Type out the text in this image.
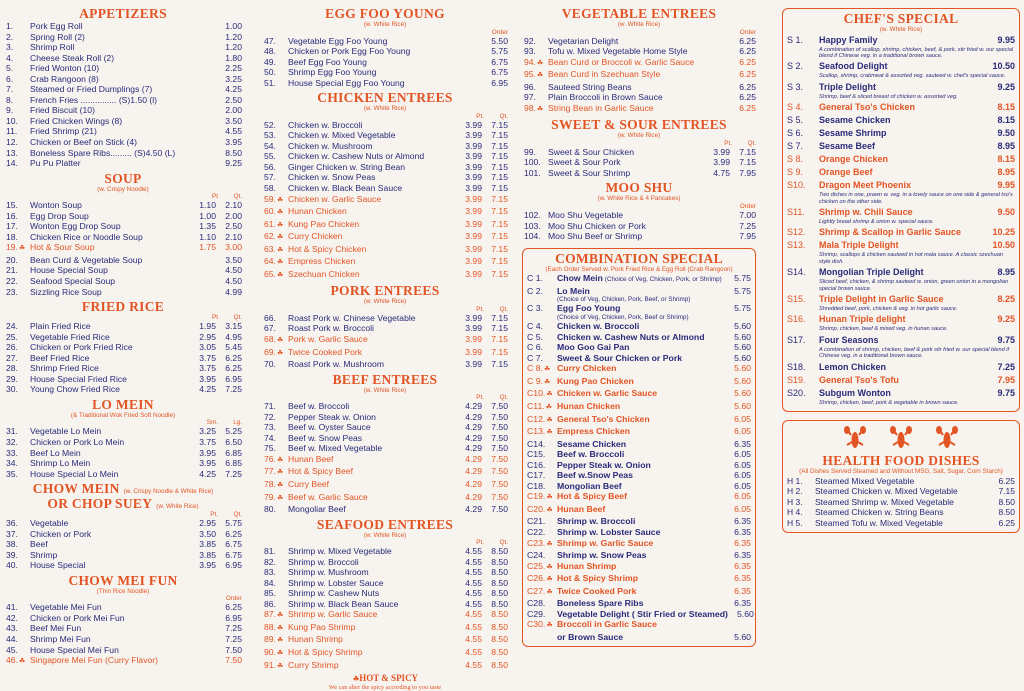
APPETIZERS
1.	Pork Egg Roll	1.00
2.	Spring Roll (2)	1.20
3.	Shrimp Roll	1.20
4.	Cheese Steak Roll (2)	1.80
5.	Fried Wonton (10)	2.25
6.	Crab Rangoon (8)	3.25
7.	Steamed or Fried Dumplings (7)	4.25
8.	French Fries ............... (S)1.50 (l)	2.50
9.	Fried Biscuit (10)	2.00
10.	Fried Chicken Wings (8)	3.50
11.	Fried Shrimp (21)	4.55
12.	Chicken or Beef on Stick (4)	3.95
13.	Boneless Spare Ribs......... (S)4.50 (L)	8.50
14.	Pu Pu Platter	9.25
SOUP
(w. Crispy Noodle)
Pt	Qt.
15.	Wonton Soup	1.10	2.10
16.	Egg Drop Soup	1.00	2.00
17.	Wonton Egg Drop Soup	1.35	2.50
18.	Chicken Rice or Noodle Soup	1.10	2.10
19.☘ Hot & Sour Soup	1.75	3.00
20.	Bean Curd & Vegetable Soup	3.50
21.	House Special Soup	4.50
22.	Seafood Special Soup	4.50
23.	Sizzling Rice Soup	4.99
FRIED RICE
Pt	Qt.
24.	Plain Fried Rice	1.95	3.15
25.	Vegetable Fried Rice	2.95	4.95
26.	Chicken or Pork Fried Rice	3.05	5.45
27.	Beef Fried Rice	3.75	6.25
28.	Shrimp Fried Rice	3.75	6.25
29.	House Special Fried Rice	3.95	6.95
30.	Young Chow Fried Rice	4.25	7.25
LO MEIN
(& Traditional Wok Fried Soft Noodle)
Sm.	Lg.
31.	Vegetable Lo Mein	3.25	5.25
32.	Chicken or Pork Lo Mein	3.75	6.50
33.	Beef Lo Mein	3.95	6.85
34.	Shrimp Lo Mein	3.95	6.85
35.	House Special Lo Mein	4.25	7.25
CHOW MEIN (w. Crispy Noodle & White Rice)
OR CHOP SUEY (w. White Rice)
Pt.	Qt.
36.	Vegetable	2.95	5.75
37.	Chicken or Pork	3.50	6.25
38.	Beef	3.85	6.75
39.	Shrimp	3.85	6.75
40.	House Special	3.95	6.95
CHOW MEI FUN
(Thin Rice Noodle)
Order
41.	Vegetable Mei Fun	6.25
42.	Chicken or Pork Mei Fun	6.95
43.	Beef Mei Fun	7.25
44.	Shrimp Mei Fun	7.25
45.	House Special Mei Fun	7.50
46.☘ Singapore Mei Fun (Curry Flavor)	7.50
EGG FOO YOUNG
(w. White Rice)
Order
47.	Vegetable Egg Foo Young	5.50
48.	Chicken or Pork Egg Foo Young	5.75
49.	Beef Egg Foo Young	6.75
50.	Shrimp Egg Foo Young	6.75
51.	House Special Egg Foo Young	6.95
CHICKEN ENTREES
(w. White Rice)
Pt.	Qt.
52.	Chicken w. Broccoli	3.99	7.15
53.	Chicken w. Mixed Vegetable	3.99	7.15
54.	Chicken w. Mushroom	3.99	7.15
55.	Chicken w. Cashew Nuts or Almond	3.99	7.15
56.	Ginger Chicken w. String Bean	3.99	7.15
57.	Chicken w. Snow Peas	3.99	7.15
58.	Chicken w. Black Bean Sauce	3.99	7.15
59.☘ Chicken w. Garlic Sauce	3.99	7.15
60.☘ Hunan Chicken	3.99	7.15
61.☘ Kung Pao Chicken	3.99	7.15
62.☘ Curry Chicken	3.99	7.15
63.☘ Hot & Spicy Chicken	3.99	7.15
64.☘ Empress Chicken	3.99	7.15
65.☘ Szechuan Chicken	3.99	7.15
PORK ENTREES
(w. White Rice)
Pt.	Qt.
66.	Roast Pork w. Chinese Vegetable	3.99	7.15
67.	Roast Pork w. Broccoli	3.99	7.15
68.☘ Pork w. Garlic Sauce	3.99	7.15
69.☘ Twice Cooked Pork	3.99	7.15
70.	Roast Pork w. Mushroom	3.99	7.15
BEEF ENTREES
(w. White Rice)
Pt.	Qt.
71.	Beef w. Broccoli	4.29	7.50
72.	Pepper Steak w. Onion	4.29	7.50
73.	Beef w. Oyster Sauce	4.29	7.50
74.	Beef w. Snow Peas	4.29	7.50
75.	Beef w. Mixed Vegetable	4.29	7.50
76.☘ Hunan Beef	4.29	7.50
77.☘ Hot & Spicy Beef	4.29	7.50
78.☘ Curry Beef	4.29	7.50
79.☘ Beef w. Garlic Sauce	4.29	7.50
80.	Mongoliar Beef	4.29	7.50
SEAFOOD ENTREES
(w. White Rice)
Pt.	Qt.
81.	Shrimp w. Mixed Vegetable	4.55	8.50
82.	Shrimp w. Broccoli	4.55	8.50
83.	Shrimp w. Mushroom	4.55	8.50
84.	Shrimp w. Lobster Sauce	4.55	8.50
85.	Shrimp w. Cashew Nuts	4.55	8.50
86.	Shrimp w. Black Bean Sauce	4.55	8.50
87.☘ Shrimp w. Garlic Sauce	4.55	8.50
88.☘ Kung Pao Shrimp	4.55	8.50
89.☘ Hunan Shrimp	4.55	8.50
90.☘ Hot & Spicy Shrimp	4.55	8.50
91.☘ Curry Shrimp	4.55	8.50
☘HOT & SPICY
We can alter the spicy according to you taste
VEGETABLE ENTREES
(w. White Rice)
Order
92.	Vegetarian Delight	6.25
93.	Tofu w. Mixed Vegetable Home Style	6.25
94.☘ Bean Curd or Broccoli w. Garlic Sauce	6.25
95.☘ Bean Curd in Szechuan Style	6.25
96.	Sauteed String Beans	6.25
97.	Plain Broccoli in Brown Sauce	6.25
98.☘ String Bean in Garlic Sauce	6.25
SWEET & SOUR ENTREES
(w. White Rice)
Pt.	Qt.
99.	Sweet & Sour Chicken	3.99	7.15
100. Sweet & Sour Pork	3.99	7.15
101. Sweet & Sour Shrimp	4.75	7.95
MOO SHU
(w. White Rice & 4 Pancakes)
Order
102. Moo Shu Vegetable	7.00
103. Moo Shu Chicken or Pork	7.25
104. Moo Shu Beef or Shrimp	7.95
COMBINATION SPECIAL
(Each Order Served w. Pork Fried Rice & Egg Roll (Crab Rangoon)
C 1.	Chow Mein (Choice of Veg, Chicken, Pork, or Shrimp)	5.75
C 2.	Lo Mein	5.75
(Choice of Veg, Chicken, Pork, Beef, or Shrimp)
C 3.	Egg Foo Young	5.75
(Choice of Veg, Chicken, Pork, Beef or Shrimp)
C 4.	Chicken w. Broccoli	5.60
C 5.	Chicken w. Cashew Nuts or Almond	5.60
C 6.	Moo Goo Gai Pan	5.60
C 7.	Sweet & Sour Chicken or Pork	5.60
C 8.☘ Curry Chicken	5.60
C 9.☘ Kung Pao Chicken	5.60
C10.☘ Chicken w. Garlic Sauce	5.60
C11.☘ Hunan Chicken	5.60
C12.☘ General Tso's Chicken	6.05
C13.☘ Empress Chicken	6.05
C14.	Sesame Chicken	6.35
C15.	Beef w. Broccoli	6.05
C16.	Pepper Steak w. Onion	6.05
C17.	Beef w.Snow Peas	6.05
C18.	Mongolian Beef	6.05
C19.☘ Hot & Spicy Beef	6.05
C20.☘ Hunan Beef	6.05
C21.	Shrimp w. Broccoli	6.35
C22.	Shrimp w. Lobster Sauce	6.35
C23.☘ Shrimp w. Garlic Sauce	6.35
C24.	Shrimp w. Snow Peas	6.35
C25.☘ Hunan Shrimp	6.35
C26.☘ Hot & Spicy Shrimp	6.35
C27.☘ Twice Cooked Pork	6.35
C28.	Boneless Spare Ribs	6.35
C29.	Vegetable Delight ( Stir Fried or Steamed)	5.60
C30.☘ Broccoli in Garlic Sauce
or Brown Sauce	5.60
CHEF'S SPECIAL
(w. White Rice)
S 1.	Happy Family	9.95
A combination of scallop, shrimp, chicken, beef, & pork, stir fried w. our special blend if Chinese veg. in a traditional brown sauce.
S 2.	Seafood Delight	10.50
Scallop, shrimp, crabmeat & assorted veg. sauteed w. chef's special sauce.
S 3.	Triple Delight	9.25
Shrimp, beef & sliced breast of chicken w. assorted veg.
S 4.	General Tso's Chicken	8.15
S 5.	Sesame Chicken	8.15
S 6.	Sesame Shrimp	9.50
S 7.	Sesame Beef	8.95
S 8.	Orange Chicken	8.15
S 9.	Orange Beef	8.95
S10.	Dragon Meet Phoenix	9.95
Two dishes in one, prawn w. veg. in a lovely sauce on one side & general tso's chicken on the other side.
S11.	Shrimp w. Chili Sauce	9.50
Lightly bread shrimp & onion w. special sauce.
S12.	Shrimp & Scallop in Garlic Sauce	10.25
S13.	Mala Triple Delight	10.50
Shrimp, scallops & chicken sauteed in hot mala sauce. A classic szechuan style dish.
S14.	Mongolian Triple Delight	8.95
Sliced beef, chicken, & shrimp sauteed w. onion, green onion in a mongolian special brown sauce.
S15.	Triple Delight in Garlic Sauce	8.25
Shredded beef, pork, chicken & veg. in hot garlic sauce.
S16.	Hunan Triple delight	9.25
Shrimp, chicken, beef & mixed veg. in hunan sauce.
S17.	Four Seasons	9.75
A combination of shrimp, chicken, beef & pork stir fried w. our special blend if Chinese veg. in a traditional brown sauce.
S18.	Lemon Chicken	7.25
S19.	General Tso's Tofu	7.95
S20.	Subgum Wonton	9.75
Shrimp, chicken, beef, pork & vegetable in brown sauce.
HEALTH FOOD DISHES
(All Dishes Served Steamed and Without MSG, Salt, Sugar, Corn Starch)
H 1.	Steamed Mixed Vegetable	6.25
H 2.	Steamed Chicken w. Mixed Vegetable	7.15
H 3.	Steamed Shrimp w. Mixed Vegetable	8.50
H 4.	Steamed Chicken w. String Beans	8.50
H 5.	Steamed Tofu w. Mixed Vegetable	6.25
